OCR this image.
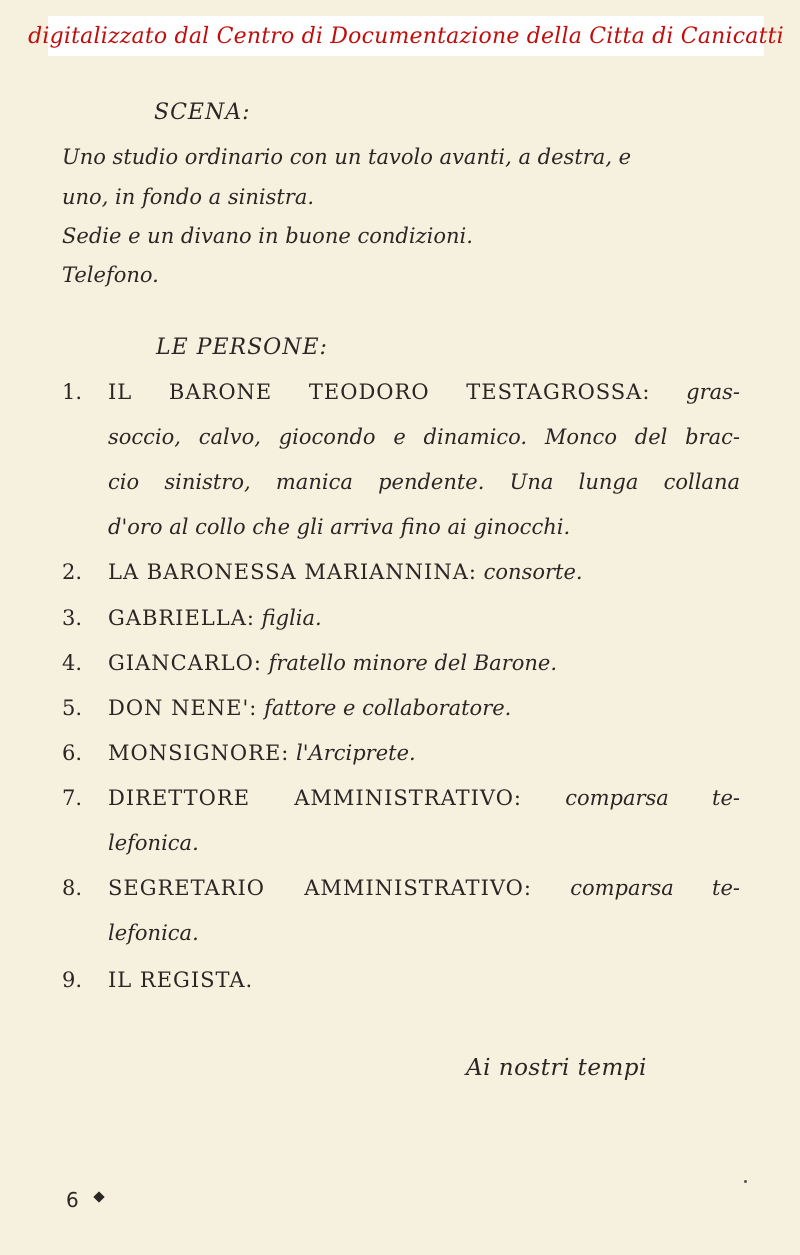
digitalizzato dal Centro di Documentazione della Citta di Canicatti
SCENA:
Uno studio ordinario con un tavolo avanti, a destra, e
uno, in fondo a sinistra.
Sedie e un divano in buone condizioni.
Telefono.
LE PERSONE:
1.	IL BARONE TEODORO TESTAGROSSA: gras-
soccio, calvo, giocondo e dinamico. Monco del brac-
cio sinistro, manica pendente. Una lunga collana
d'oro al collo che gli arriva fino ai ginocchi.
2.	LA BARONESSA MARIANNINA: consorte.
3.	GABRIELLA: figlia.
4.	GIANCARLO: fratello minore del Barone.
5.	DON NENE': fattore e collaboratore.
6.	MONSIGNORE: l'Arciprete.
7.	DIRETTORE AMMINISTRATIVO: comparsa te-
lefonica.
8.	SEGRETARIO AMMINISTRATIVO: comparsa te-
lefonica.
9.	IL REGISTA.
Ai nostri tempi
6
